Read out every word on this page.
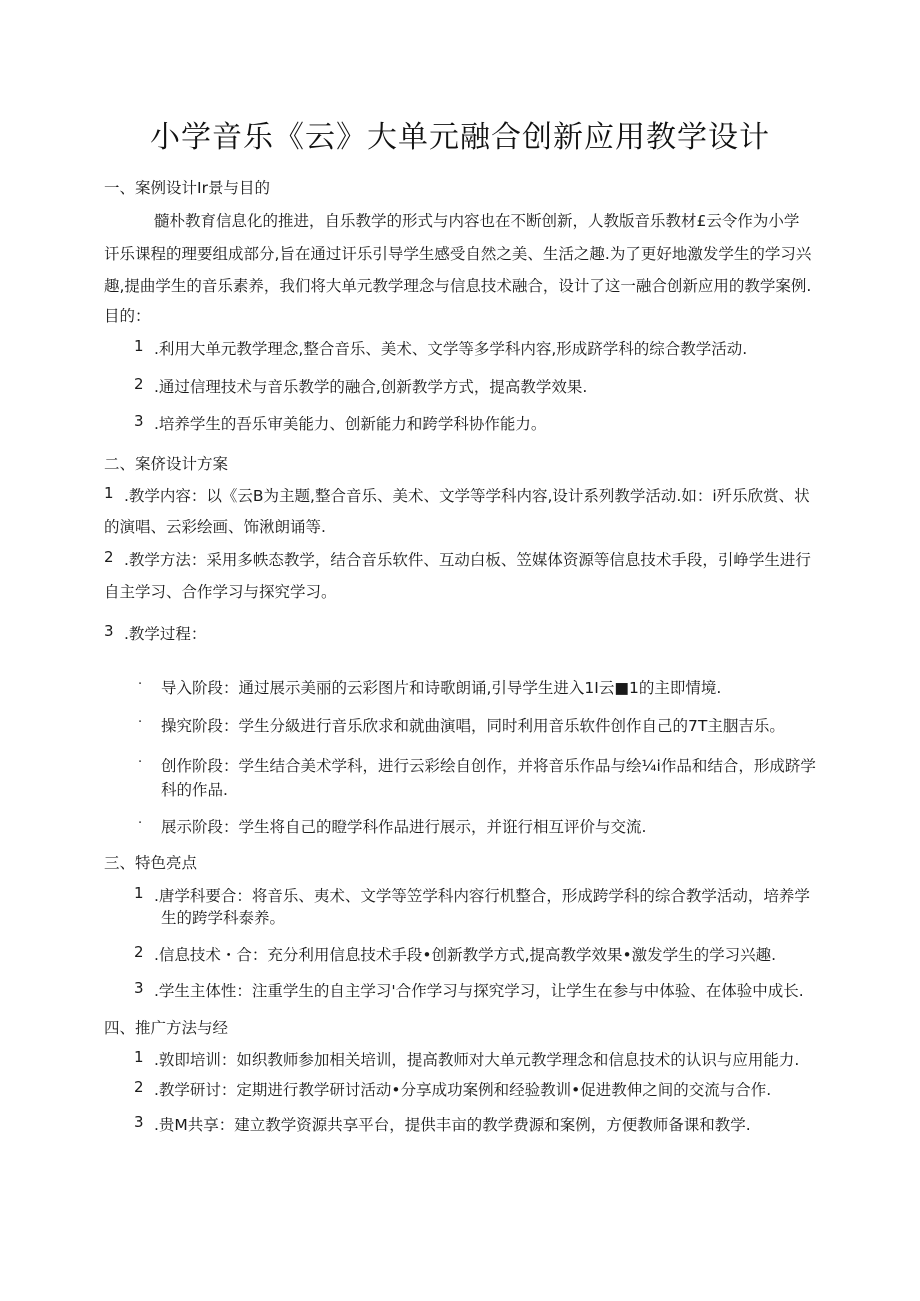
小学音乐《云》大单元融合创新应用教学设计
一、案例设计Ir景与目的
髓朴教育信息化的推进，自乐教学的形式与内容也在不断创新，人教版音乐教材£云令作为小学
讦乐课程的理要组成部分,旨在通过讦乐引导学生感受自然之美、生活之趣.为了更好地激发学生的学习兴
趣,提曲学生的音乐素养，我们将大单元教学理念与信息技术融合，设计了这一融合创新应用的教学案例.
目的：
1 .利用大单元教学理念,整合音乐、美术、文学等多学科内容,形成跻学科的综合教学活动.
2 .通过信理技术与音乐教学的融合,创新教学方式，提高教学效果.
3 .培养学生的吾乐审美能力、创新能力和跨学科协作能力。
二、案侪设计方案
1 .教学内容：以《云B为主题,整合音乐、美术、文学等学科内容,设计系列教学活动.如：i歼乐欣赏、状
的演唱、云彩绘画、饰湫朗诵等.
2 .教学方法：采用多帙态教学，结合音乐软件、互动白板、笠媒体资源等信息技术手段，引峥学生进行
自主学习、合作学习与探究学习。
3 .教学过程：
· 导入阶段：通过展示美丽的云彩图片和诗歌朗诵,引导学生进入1I云■1的主即情境.
· 操究阶段：学生分級进行音乐欣求和就曲演唱，同时利用音乐软件创作自己的7T主胭吉乐。
· 创作阶段：学生结合美术学科，进行云彩绘自创作，并将音乐作品与绘¼i作品和结合，形成跻学
科的作品.
· 展示阶段：学生将自己的瞪学科作品进行展示，并诳行相互评价与交流.
三、特色亮点
1 .唐学科要合：将音乐、夷术、文学等笠学科内容行机整合，形成跨学科的综合教学活动，培养学
生的跨学科泰养。
2 .信息技术・合：充分利用信息技术手段•创新教学方式,提高教学效果•激发学生的学习兴趣.
3 .学生主体性：注重学生的自主学习'合作学习与探究学习，让学生在参与中体验、在体验中成长.
四、推广方法与经
1 .敦即培训：如织教师参加相关培训，提高教师对大单元教学理念和信息技术的认识与应用能力.
2 .教学研讨：定期进行教学研讨活动•分享成功案例和经验教训•促进教伸之间的交流与合作.
3 .贵M共享：建立教学资源共享平台，提供丰亩的教学费源和案例，方便教师备课和教学.
